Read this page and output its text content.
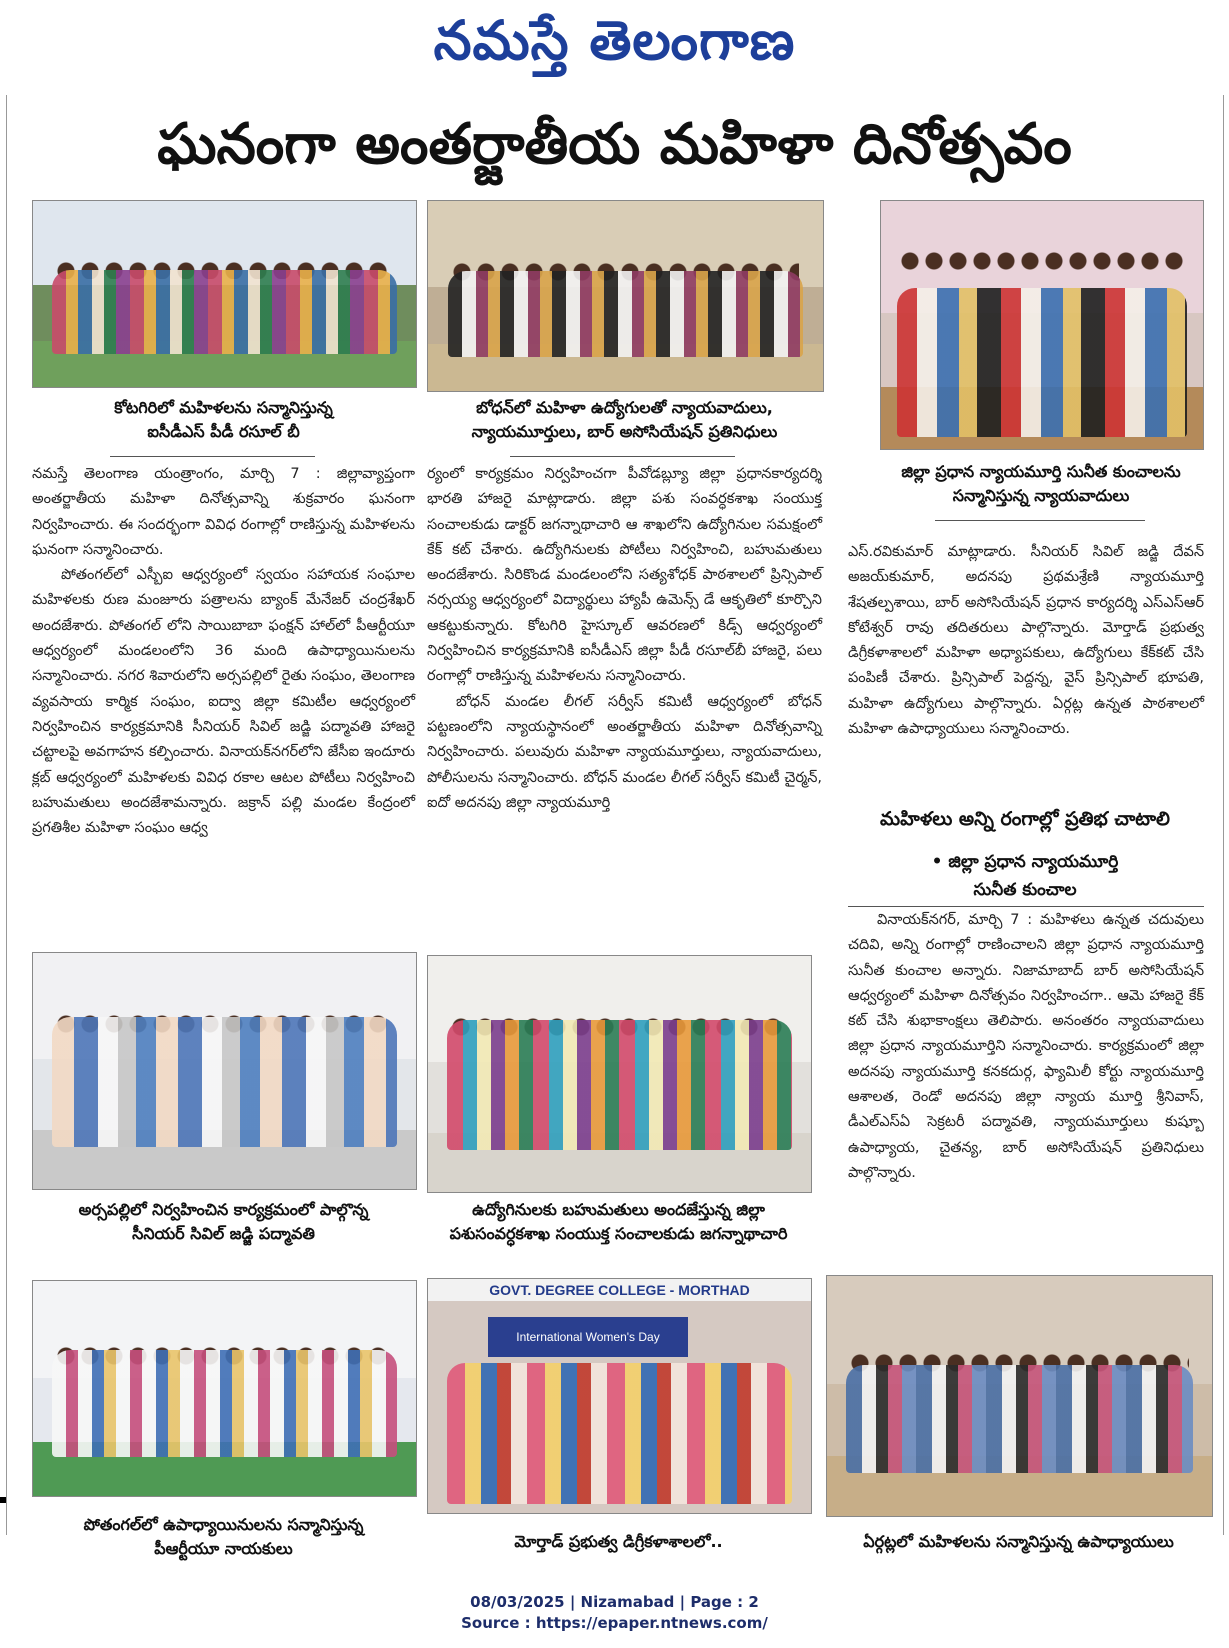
నమస్తే తెలంగాణ
ఘనంగా అంతర్జాతీయ మహిళా దినోత్సవం
కోటగిరిలో మహిళలను సన్మానిస్తున్న
ఐసీడీఎస్ పీడీ రసూల్ బీ
బోధన్‌లో మహిళా ఉద్యోగులతో న్యాయవాదులు,
న్యాయమూర్తులు, బార్ అసోసియేషన్ ప్రతినిధులు
జిల్లా ప్రధాన న్యాయమూర్తి సునీత కుంచాలను
సన్మానిస్తున్న న్యాయవాదులు

నమస్తే తెలంగాణ యంత్రాంగం, మార్చి 7 : జిల్లావ్యాప్తంగా అంతర్జాతీయ మహిళా దినోత్సవాన్ని శుక్రవారం ఘనంగా నిర్వహించారు. ఈ సందర్భంగా వివిధ రంగాల్లో రాణిస్తున్న మహిళలను ఘనంగా సన్మానించారు.

పోతంగల్‌లో ఎస్బీఐ ఆధ్వర్యంలో స్వయం సహాయక సంఘాల మహిళలకు రుణ మంజూరు పత్రాలను బ్యాంక్ మేనేజర్ చంద్రశేఖర్ అందజేశారు. పోతంగల్ లోని సాయిబాబా ఫంక్షన్ హాల్‌లో పీఆర్టీయూ ఆధ్వర్యంలో మండలంలోని 36 మంది ఉపాధ్యాయినులను సన్మానించారు. నగర శివారులోని అర్సపల్లిలో రైతు సంఘం, తెలంగాణ వ్యవసాయ కార్మిక సంఘం, ఐద్వా జిల్లా కమిటీల ఆధ్వర్యంలో నిర్వహించిన కార్యక్రమానికి సీనియర్ సివిల్ జడ్జి పద్మావతి హాజరై చట్టాలపై అవగాహన కల్పించారు. వినాయక్‌నగర్‌లోని జేసీఐ ఇందూరు క్లబ్ ఆధ్వర్యంలో మహిళలకు వివిధ రకాల ఆటల పోటీలు నిర్వహించి బహుమతులు అందజేశామన్నారు. జక్రాన్ పల్లి మండల కేంద్రంలో ప్రగతిశీల మహిళా సంఘం ఆధ్వ

ర్యంలో కార్యక్రమం నిర్వహించగా పీవోడబ్ల్యూ జిల్లా ప్రధానకార్యదర్శి భారతి హాజరై మాట్లాడారు. జిల్లా పశు సంవర్ధకశాఖ సంయుక్త సంచాలకుడు డాక్టర్ జగన్నాథాచారి ఆ శాఖలోని ఉద్యోగినుల సమక్షంలో కేక్ కట్ చేశారు. ఉద్యోగినులకు పోటీలు నిర్వహించి, బహుమతులు అందజేశారు. సిరికొండ మండలంలోని సత్యశోధక్ పాఠశాలలో ప్రిన్సిపాల్ నర్సయ్య ఆధ్వర్యంలో విద్యార్థులు హ్యాపీ ఉమెన్స్ డే ఆకృతిలో కూర్చొని ఆకట్టుకున్నారు. కోటగిరి హైస్కూల్ ఆవరణలో కిడ్స్ ఆధ్వర్యంలో నిర్వహించిన కార్యక్రమానికి ఐసీడీఎస్ జిల్లా పీడీ రసూల్‌బీ హాజరై, పలు రంగాల్లో రాణిస్తున్న మహిళలను సన్మానించారు.

బోధన్ మండల లీగల్ సర్వీస్ కమిటీ ఆధ్వర్యంలో బోధన్ పట్టణంలోని న్యాయస్థానంలో అంతర్జాతీయ మహిళా దినోత్సవాన్ని నిర్వహించారు. పలువురు మహిళా న్యాయమూర్తులు, న్యాయవాదులు, పోలీసులను సన్మానించారు. బోధన్ మండల లీగల్ సర్వీస్ కమిటీ చైర్మన్, ఐదో అదనపు జిల్లా న్యాయమూర్తి

ఎస్.రవికుమార్ మాట్లాడారు. సీనియర్ సివిల్ జడ్జి దేవన్ అజయ్‌కుమార్, అదనపు ప్రథమశ్రేణి న్యాయమూర్తి శేషతల్పశాయి, బార్ అసోసియేషన్ ప్రధాన కార్యదర్శి ఎస్ఎస్ఆర్ కోటేశ్వర్ రావు తదితరులు పాల్గొన్నారు. మోర్తాడ్ ప్రభుత్వ డిగ్రీకళాశాలలో మహిళా అధ్యాపకులు, ఉద్యోగులు కేక్‌కట్ చేసి పంపిణీ చేశారు. ప్రిన్సిపాల్ పెద్దన్న, వైస్ ప్రిన్సిపాల్ భూపతి, మహిళా ఉద్యోగులు పాల్గొన్నారు. ఏర్గట్ల ఉన్నత పాఠశాలలో మహిళా ఉపాధ్యాయులు సన్మానించారు.

మహిళలు అన్ని రంగాల్లో ప్రతిభ చాటాలి
• జిల్లా ప్రధాన న్యాయమూర్తి
సునీత కుంచాల

వినాయక్‌నగర్, మార్చి 7 : మహిళలు ఉన్నత చదువులు చదివి, అన్ని రంగాల్లో రాణించాలని జిల్లా ప్రధాన న్యాయమూర్తి సునీత కుంచాల అన్నారు. నిజామాబాద్ బార్ అసోసియేషన్ ఆధ్వర్యంలో మహిళా దినోత్సవం నిర్వహించగా.. ఆమె హాజరై కేక్ కట్ చేసి శుభాకాంక్షలు తెలిపారు. అనంతరం న్యాయవాదులు జిల్లా ప్రధాన న్యాయమూర్తిని సన్మానించారు. కార్యక్రమంలో జిల్లా అదనపు న్యాయమూర్తి కనకదుర్గ, ఫ్యామిలీ కోర్టు న్యాయమూర్తి ఆశాలత, రెండో అదనపు జిల్లా న్యాయ మూర్తి శ్రీనివాస్, డీఎల్ఎస్ఏ సెక్రటరీ పద్మావతి, న్యాయమూర్తులు కుష్బూ ఉపాధ్యాయ, చైతన్య, బార్ అసోసియేషన్ ప్రతినిధులు పాల్గొన్నారు.

అర్సపల్లిలో నిర్వహించిన కార్యక్రమంలో పాల్గొన్న
సీనియర్ సివిల్ జడ్జి పద్మావతి
ఉద్యోగినులకు బహుమతులు అందజేస్తున్న జిల్లా
పశుసంవర్ధకశాఖ సంయుక్త సంచాలకుడు జగన్నాథాచారి
పోతంగల్‌లో ఉపాధ్యాయినులను సన్మానిస్తున్న
పీఆర్టీయూ నాయకులు
GOVT. DEGREE COLLEGE - MORTHAD
International Women's Day
మోర్తాడ్ ప్రభుత్వ డిగ్రీకళాశాలలో..	ఏర్గట్లలో మహిళలను సన్మానిస్తున్న ఉపాధ్యాయులు
08/03/2025 | Nizamabad | Page : 2
Source : https://epaper.ntnews.com/
